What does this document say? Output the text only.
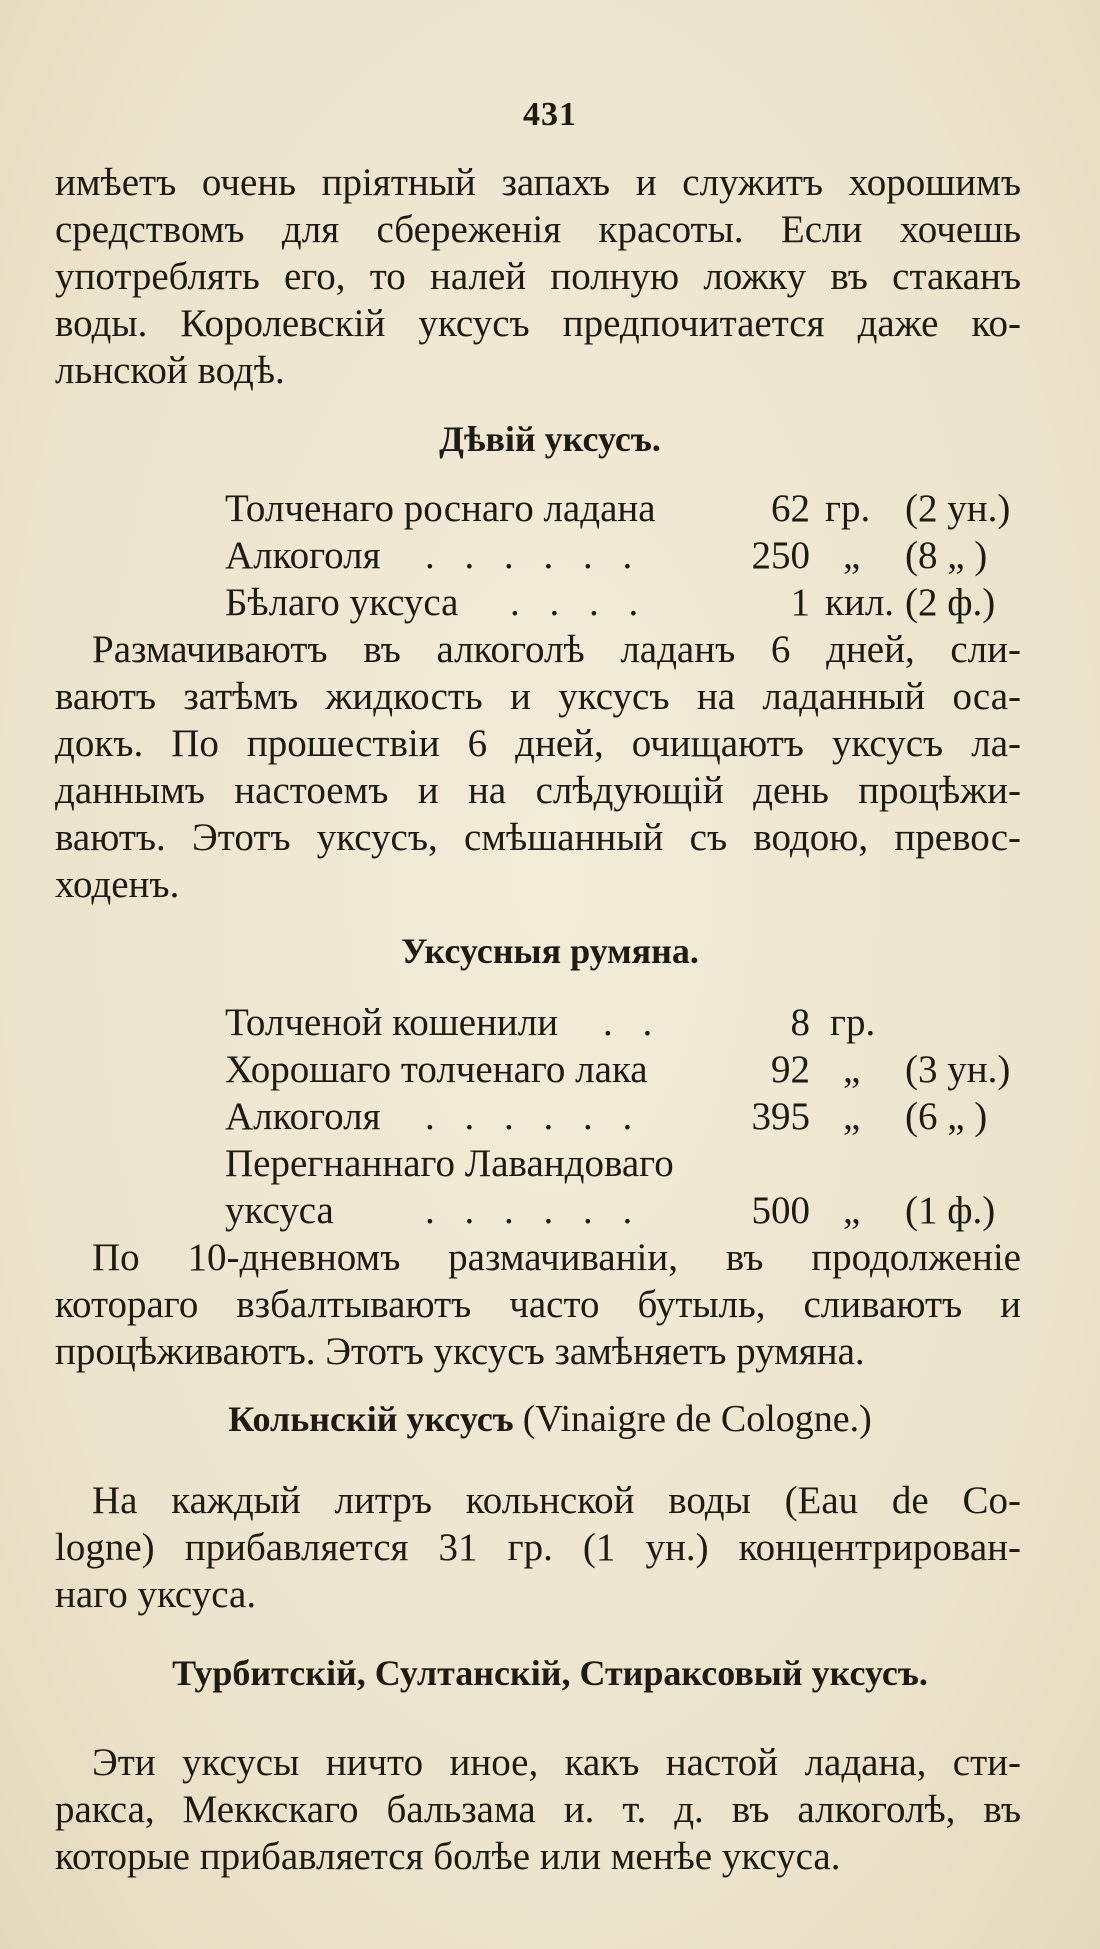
431
имѣетъ очень пріятный запахъ и служитъ хорошимъ
средствомъ для сбереженія красоты. Если хочешь
употреблять его, то налей полную ложку въ стаканъ
воды. Королевскій уксусъ предпочитается даже ко-
льнской водѣ.
Дѣвій уксусъ.
Толченаго роснаго ладана	62 гр. (2 ун.)
Алкоголя . . . . . .	250 „ (8 „ )
Бѣлаго уксуса . . . .	1 кил. (2 ф.)
Размачиваютъ въ алкоголѣ ладанъ 6 дней, сли-
ваютъ затѣмъ жидкость и уксусъ на ладанный оса-
докъ. По прошествіи 6 дней, очищаютъ уксусъ ла-
даннымъ настоемъ и на слѣдующій день процѣжи-
ваютъ. Этотъ уксусъ, смѣшанный съ водою, превос-
ходенъ.
Уксусныя румяна.
Толченой кошенили . .	8 гр.
Хорошаго толченаго лака	92 „ (3 ун.)
Алкоголя . . . . . .	395 „ (6 „ )
Перегнаннаго Лавандоваго
уксуса . . . . . .	500 „ (1 ф.)
По 10-дневномъ размачиваніи, въ продолженіе
котораго взбалтываютъ часто бутыль, сливаютъ и
процѣживаютъ. Этотъ уксусъ замѣняетъ румяна.
Кольнскій уксусъ (Vinaigre de Cologne.)
На каждый литръ кольнской воды (Eau de Co-
logne) прибавляется 31 гр. (1 ун.) концентрирован-
наго уксуса.
Турбитскій, Султанскій, Стираксовый уксусъ.
Эти уксусы ничто иное, какъ настой ладана, сти-
ракса, Меккскаго бальзама и. т. д. въ алкоголѣ, въ
которые прибавляется болѣе или менѣе уксуса.
